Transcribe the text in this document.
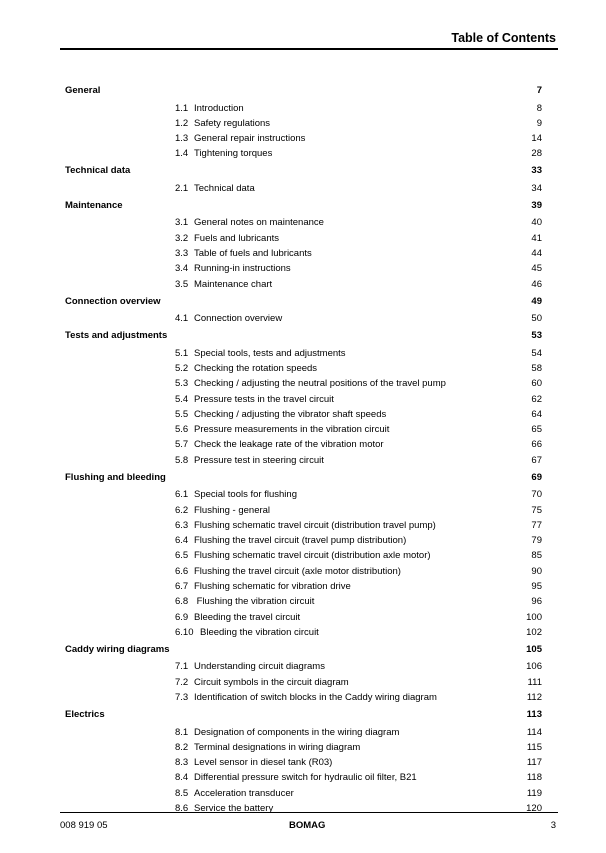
Table of Contents
General	7
1.1 Introduction	8
1.2 Safety regulations	9
1.3 General repair instructions	14
1.4 Tightening torques	28
Technical data	33
2.1 Technical data	34
Maintenance	39
3.1 General notes on maintenance	40
3.2 Fuels and lubricants	41
3.3 Table of fuels and lubricants	44
3.4 Running-in instructions	45
3.5 Maintenance chart	46
Connection overview	49
4.1 Connection overview	50
Tests and adjustments	53
5.1 Special tools, tests and adjustments	54
5.2 Checking the rotation speeds	58
5.3 Checking / adjusting the neutral positions of the travel pump	60
5.4 Pressure tests in the travel circuit	62
5.5 Checking / adjusting the vibrator shaft speeds	64
5.6 Pressure measurements in the vibration circuit	65
5.7 Check the leakage rate of the vibration motor	66
5.8 Pressure test in steering circuit	67
Flushing and bleeding	69
6.1 Special tools for flushing	70
6.2 Flushing - general	75
6.3 Flushing schematic travel circuit (distribution travel pump)	77
6.4 Flushing the travel circuit (travel pump distribution)	79
6.5 Flushing schematic travel circuit (distribution axle motor)	85
6.6 Flushing the travel circuit (axle motor distribution)	90
6.7 Flushing schematic for vibration drive	95
6.8 Flushing the vibration circuit	96
6.9 Bleeding the travel circuit	100
6.10 Bleeding the vibration circuit	102
Caddy wiring diagrams	105
7.1 Understanding circuit diagrams	106
7.2 Circuit symbols in the circuit diagram	111
7.3 Identification of switch blocks in the Caddy wiring diagram	112
Electrics	113
8.1 Designation of components in the wiring diagram	114
8.2 Terminal designations in wiring diagram	115
8.3 Level sensor in diesel tank (R03)	117
8.4 Differential pressure switch for hydraulic oil filter, B21	118
8.5 Acceleration transducer	119
8.6 Service the battery	120
008 919 05	BOMAG	3
